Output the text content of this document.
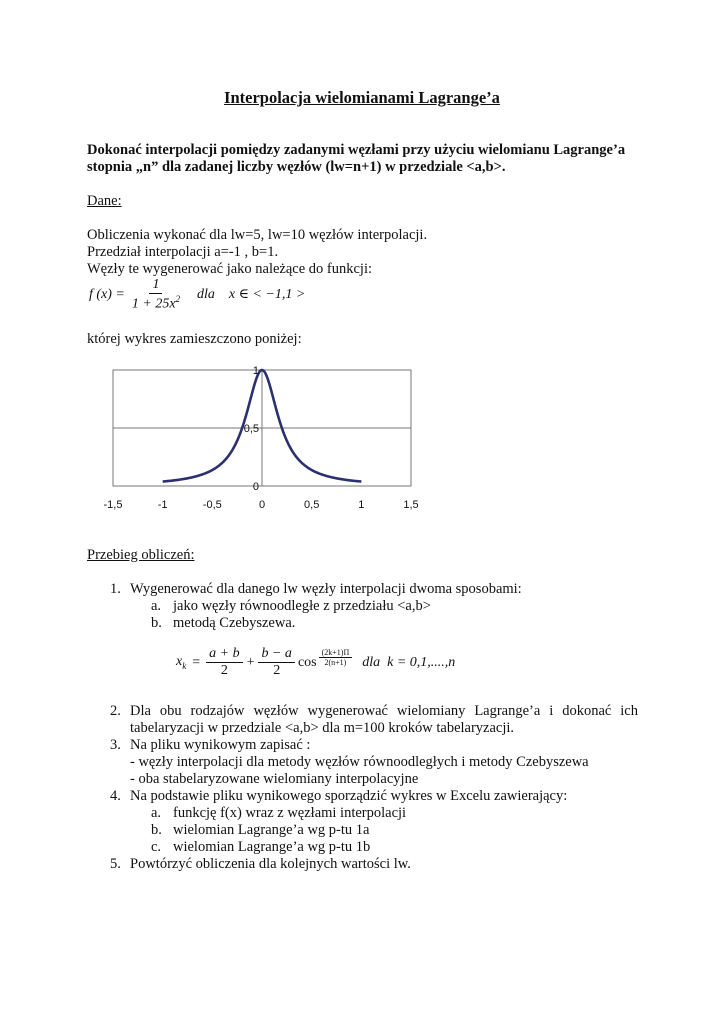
Interpolacja wielomianami Lagrange’a
Dokonać interpolacji pomiędzy zadanymi węzłami przy użyciu wielomianu Lagrange’a
stopnia „n” dla zadanej liczby węzłów (lw=n+1) w przedziale <a,b>.
Dane:
Obliczenia wykonać dla lw=5, lw=10 węzłów interpolacji.
Przedział interpolacji a=-1 , b=1.
Węzły te wygenerować jako należące do funkcji:
f $(x) = \frac{1}{1 + 25x^2}$ dla    x ∈ < −1,1 >
której wykres zamieszczono poniżej:
1
0,5
0
-1,5	-1	-0,5	0	0,5	1	1,5
Przebieg obliczeń:
1. Wygenerować dla danego lw węzły interpolacji dwoma sposobami:
a. jako węzły równoodległe z przedziału <a,b>
b. metodą Czebyszewa.
$x_k = \frac{a + b}{2} + \frac{b - a}{2}$ $\cos \frac{(2k+1)\Pi}{2(n+1)}$ dla  k = 0,1,....,n
2. Dla obu rodzajów węzłów wygenerować wielomiany Lagrange’a i dokonać ich
tabelaryzacji w przedziale <a,b> dla m=100 kroków tabelaryzacji.
3. Na pliku wynikowym zapisać :
- węzły interpolacji dla metody węzłów równoodległych i metody Czebyszewa
- oba stabelaryzowane wielomiany interpolacyjne
4. Na podstawie pliku wynikowego sporządzić wykres w Excelu zawierający:
a. funkcję f(x) wraz z węzłami interpolacji
b. wielomian Lagrange’a wg p-tu 1a
c. wielomian Lagrange’a wg p-tu 1b
5. Powtórzyć obliczenia dla kolejnych wartości lw.
